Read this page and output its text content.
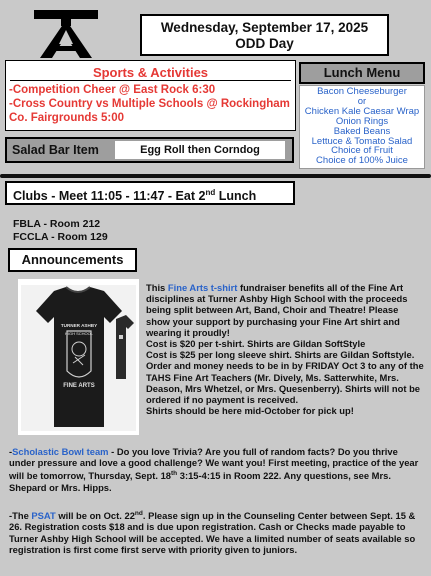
Wednesday, September 17, 2025
ODD Day
Sports & Activities
-Competition Cheer @ East Rock 6:30
-Cross Country vs Multiple Schools @ Rockingham
Co. Fairgrounds 5:00
Lunch Menu
Bacon Cheeseburger
or
Chicken Kale Caesar Wrap
Onion Rings
Baked Beans
Lettuce & Tomato Salad
Choice of Fruit
Choice of 100% Juice
Salad Bar Item	Egg Roll then Corndog
Clubs - Meet 11:05 - 11:47 - Eat 2nd Lunch
FBLA - Room 212
FCCLA - Room 129
Announcements
TURNER ASHBY
HIGH SCHOOL
FINE ARTS
This Fine Arts t-shirt fundraiser benefits all of the Fine Art disciplines at Turner Ashby High School with the proceeds being split between Art, Band, Choir and Theatre! Please show your support by purchasing your Fine Art shirt and wearing it proudly!
Cost is $20 per t-shirt. Shirts are Gildan SoftStyle
Cost is $25 per long sleeve shirt. Shirts are Gildan Softstyle.
Order and money needs to be in by FRIDAY Oct 3 to any of the TAHS Fine Art Teachers (Mr. Dively, Ms. Satterwhite, Mrs. Deason, Mrs Whetzel, or Mrs. Quesenberry). Shirts will not be ordered if no payment is received.
Shirts should be here mid-October for pick up!
-Scholastic Bowl team - Do you love Trivia? Are you full of random facts? Do you thrive under pressure and love a good challenge? We want you! First meeting, practice of the year will be tomorrow, Thursday, Sept. 18th 3:15-4:15 in Room 222. Any questions, see Mrs. Shepard or Mrs. Hipps.
-The PSAT will be on Oct. 22nd. Please sign up in the Counseling Center between Sept. 15 & 26. Registration costs $18 and is due upon registration. Cash or Checks made payable to Turner Ashby High School will be accepted. We have a limited number of seats available so registration is first come first serve with priority given to juniors.
